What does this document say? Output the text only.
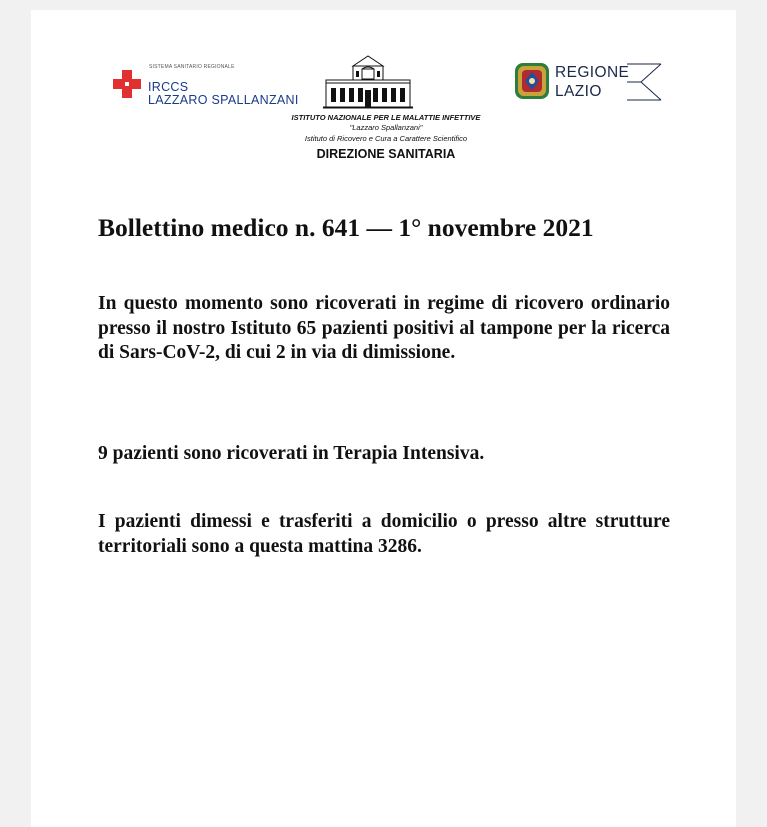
SISTEMA SANITARIO REGIONALE
IRCCS
LAZZARO SPALLANZANI
ISTITUTO NAZIONALE PER LE MALATTIE INFETTIVE
"Lazzaro Spallanzani"
Istituto di Ricovero e Cura a Carattere Scientifico
DIREZIONE SANITARIA
REGIONE
LAZIO
Bollettino medico n. 641 — 1° novembre 2021
In questo momento sono ricoverati in regime di ricovero ordinario presso il nostro Istituto 65 pazienti positivi al tampone per la ricerca di Sars-CoV-2, di cui 2 in via di dimissione.
9 pazienti sono ricoverati in Terapia Intensiva.
I pazienti dimessi e trasferiti a domicilio o presso altre strutture territoriali sono a questa mattina 3286.
